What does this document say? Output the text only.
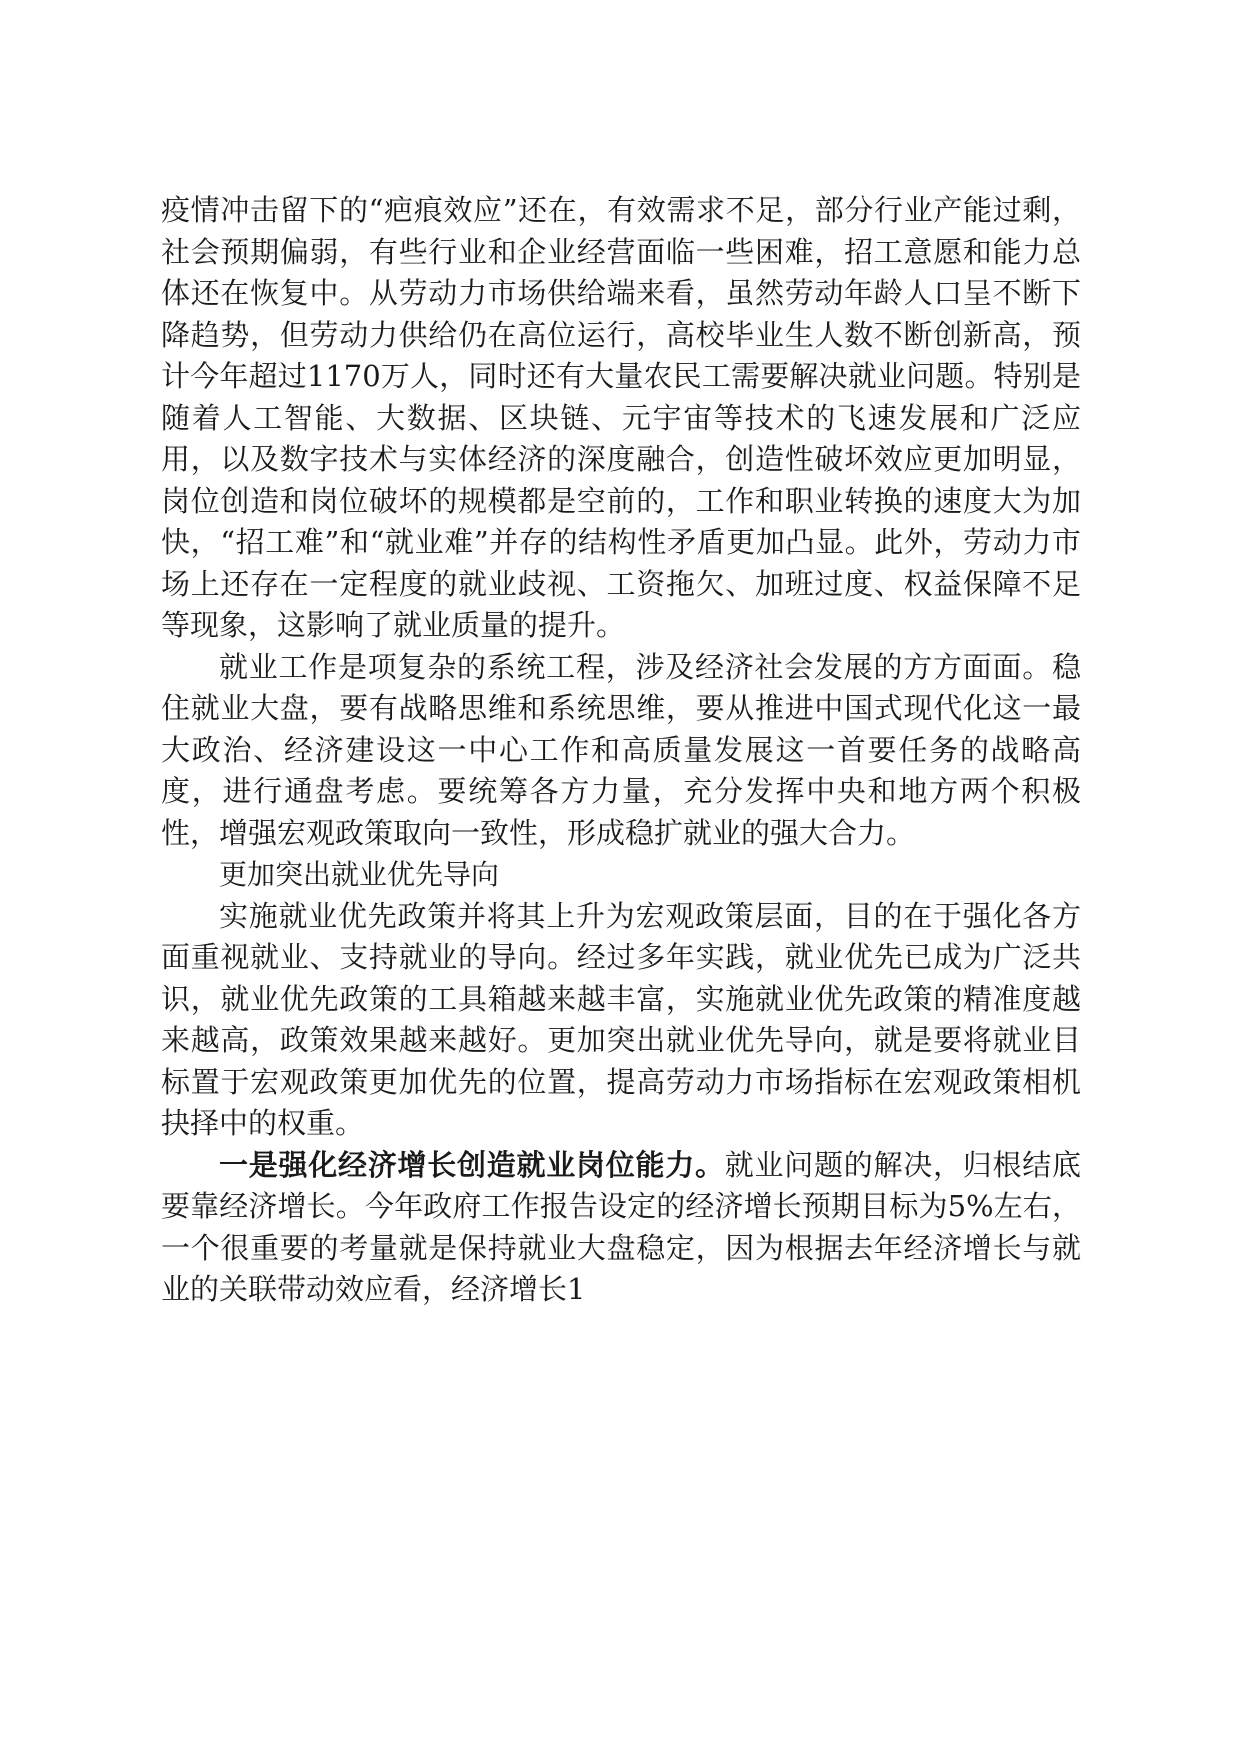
疫情冲击留下的“疤痕效应”还在，有效需求不足，部分行业产能过剩，社会预期偏弱，有些行业和企业经营面临一些困难，招工意愿和能力总体还在恢复中。从劳动力市场供给端来看，虽然劳动年龄人口呈不断下降趋势，但劳动力供给仍在高位运行，高校毕业生人数不断创新高，预计今年超过1170万人，同时还有大量农民工需要解决就业问题。特别是随着人工智能、大数据、区块链、元宇宙等技术的飞速发展和广泛应用，以及数字技术与实体经济的深度融合，创造性破坏效应更加明显，岗位创造和岗位破坏的规模都是空前的，工作和职业转换的速度大为加快，“招工难”和“就业难”并存的结构性矛盾更加凸显。此外，劳动力市场上还存在一定程度的就业歧视、工资拖欠、加班过度、权益保障不足等现象，这影响了就业质量的提升。

就业工作是项复杂的系统工程，涉及经济社会发展的方方面面。稳住就业大盘，要有战略思维和系统思维，要从推进中国式现代化这一最大政治、经济建设这一中心工作和高质量发展这一首要任务的战略高度，进行通盘考虑。要统筹各方力量，充分发挥中央和地方两个积极性，增强宏观政策取向一致性，形成稳扩就业的强大合力。

更加突出就业优先导向

实施就业优先政策并将其上升为宏观政策层面，目的在于强化各方面重视就业、支持就业的导向。经过多年实践，就业优先已成为广泛共识，就业优先政策的工具箱越来越丰富，实施就业优先政策的精准度越来越高，政策效果越来越好。更加突出就业优先导向，就是要将就业目标置于宏观政策更加优先的位置，提高劳动力市场指标在宏观政策相机抉择中的权重。

一是强化经济增长创造就业岗位能力。就业问题的解决，归根结底要靠经济增长。今年政府工作报告设定的经济增长预期目标为5%左右，一个很重要的考量就是保持就业大盘稳定，因为根据去年经济增长与就业的关联带动效应看，经济增长1
